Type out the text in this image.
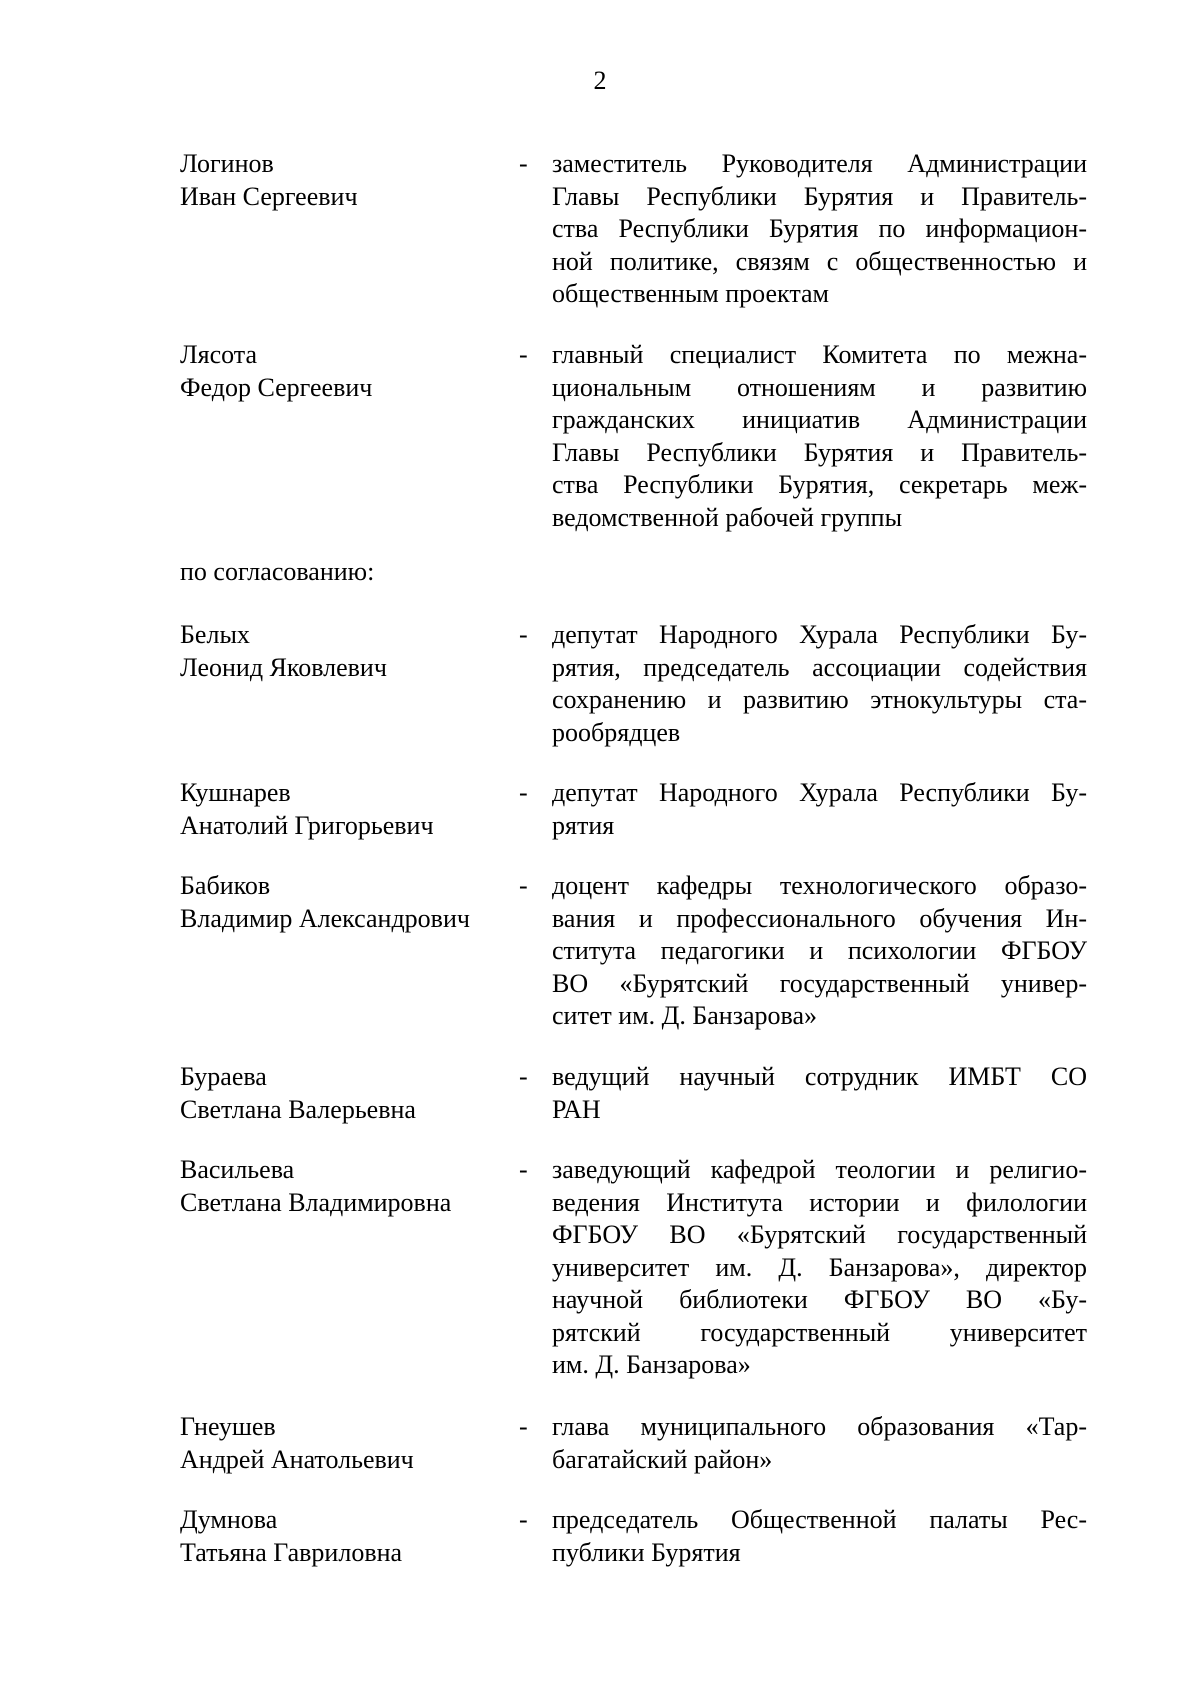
2
по согласованию:
Логинов
Иван Сергеевич
- заместитель Руководителя Администрации
Главы Республики Бурятия и Правитель-
ства Республики Бурятия по информацион-
ной политике, связям с общественностью и
общественным проектам
Лясота
Федор Сергеевич
- главный специалист Комитета по межна-
циональным отношениям и развитию
гражданских инициатив Администрации
Главы Республики Бурятия и Правитель-
ства Республики Бурятия, секретарь меж-
ведомственной рабочей группы
Белых
Леонид Яковлевич
- депутат Народного Хурала Республики Бу-
рятия, председатель ассоциации содействия
сохранению и развитию этнокультуры ста-
рообрядцев
Кушнарев
Анатолий Григорьевич
- депутат Народного Хурала Республики Бу-
рятия
Бабиков
Владимир Александрович
- доцент кафедры технологического образо-
вания и профессионального обучения Ин-
ститута педагогики и психологии ФГБОУ
ВО «Бурятский государственный универ-
ситет им. Д. Банзарова»
Бураева
Светлана Валерьевна
- ведущий научный сотрудник ИМБТ СО
РАН
Васильева
Светлана Владимировна
- заведующий кафедрой теологии и религио-
ведения Института истории и филологии
ФГБОУ ВО «Бурятский государственный
университет им. Д. Банзарова», директор
научной библиотеки ФГБОУ ВО «Бу-
рятский государственный университет
им. Д. Банзарова»
Гнеушев
Андрей Анатольевич
- глава муниципального образования «Тар-
багатайский район»
Думнова
Татьяна Гавриловна
- председатель Общественной палаты Рес-
публики Бурятия
